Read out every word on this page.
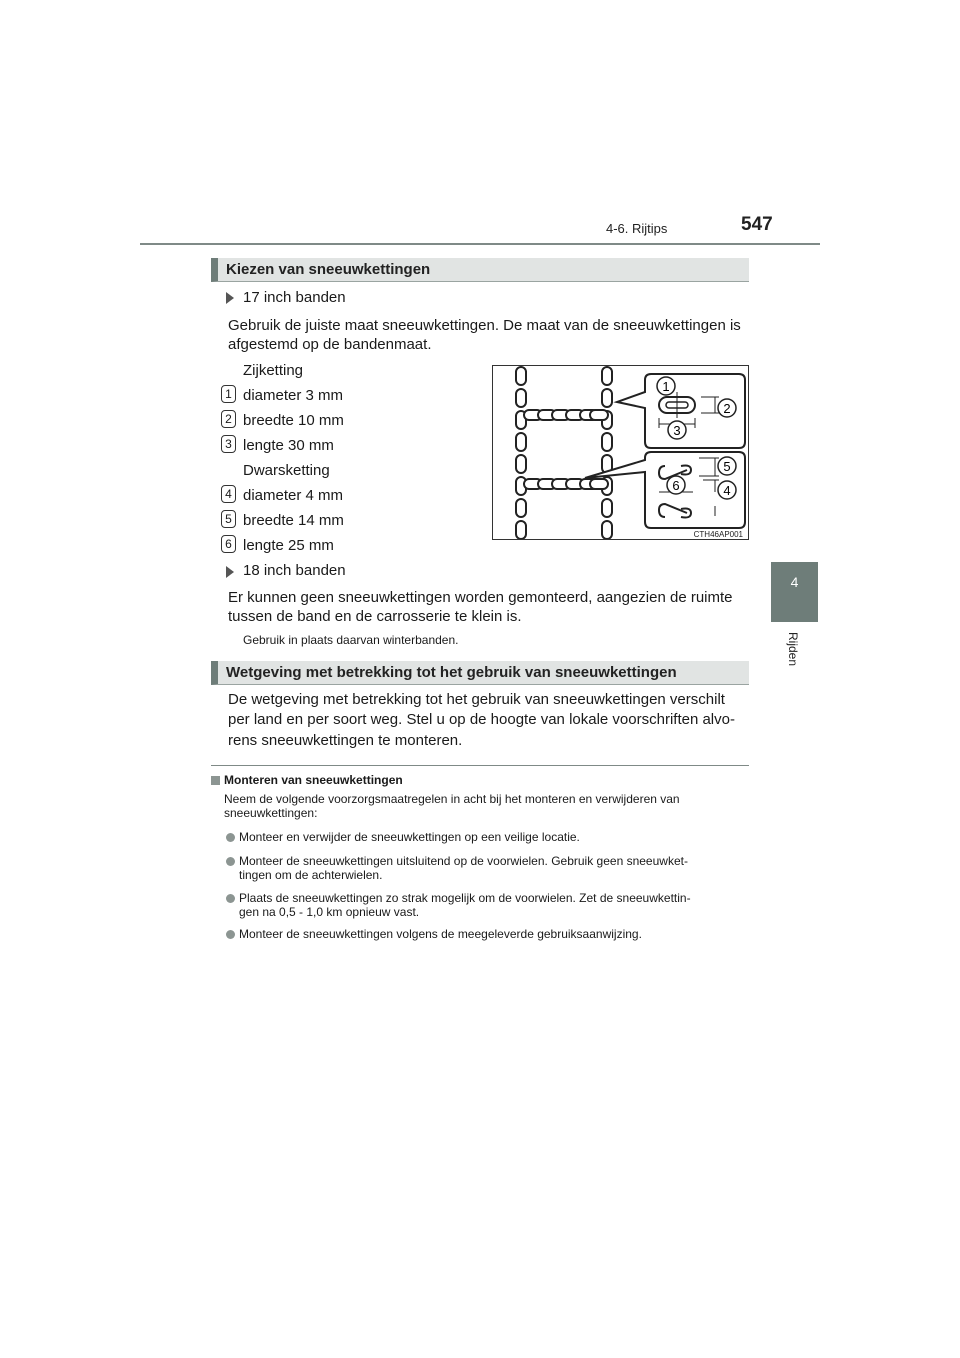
4-6. Rijtips	547
4
Rijden
Kiezen van sneeuwkettingen
17 inch banden
Gebruik de juiste maat sneeuwkettingen. De maat van de sneeuwkettingen is
afgestemd op de bandenmaat.
Zijketting
1 diameter 3 mm
2 breedte 10 mm
3 lengte 30 mm
Dwarsketting
4 diameter 4 mm
5 breedte 14 mm
6 lengte 25 mm
18 inch banden
Er kunnen geen sneeuwkettingen worden gemonteerd, aangezien de ruimte
tussen de band en de carrosserie te klein is.
Gebruik in plaats daarvan winterbanden.
1
2
3
5
6	4
CTH46AP001
Wetgeving met betrekking tot het gebruik van sneeuwkettingen
De wetgeving met betrekking tot het gebruik van sneeuwkettingen verschilt
per land en per soort weg. Stel u op de hoogte van lokale voorschriften alvo-
rens sneeuwkettingen te monteren.
Monteren van sneeuwkettingen
Neem de volgende voorzorgsmaatregelen in acht bij het monteren en verwijderen van
sneeuwkettingen:
Monteer en verwijder de sneeuwkettingen op een veilige locatie.
Monteer de sneeuwkettingen uitsluitend op de voorwielen. Gebruik geen sneeuwket-
tingen om de achterwielen.
Plaats de sneeuwkettingen zo strak mogelijk om de voorwielen. Zet de sneeuwkettin-
gen na 0,5 - 1,0 km opnieuw vast.
Monteer de sneeuwkettingen volgens de meegeleverde gebruiksaanwijzing.
